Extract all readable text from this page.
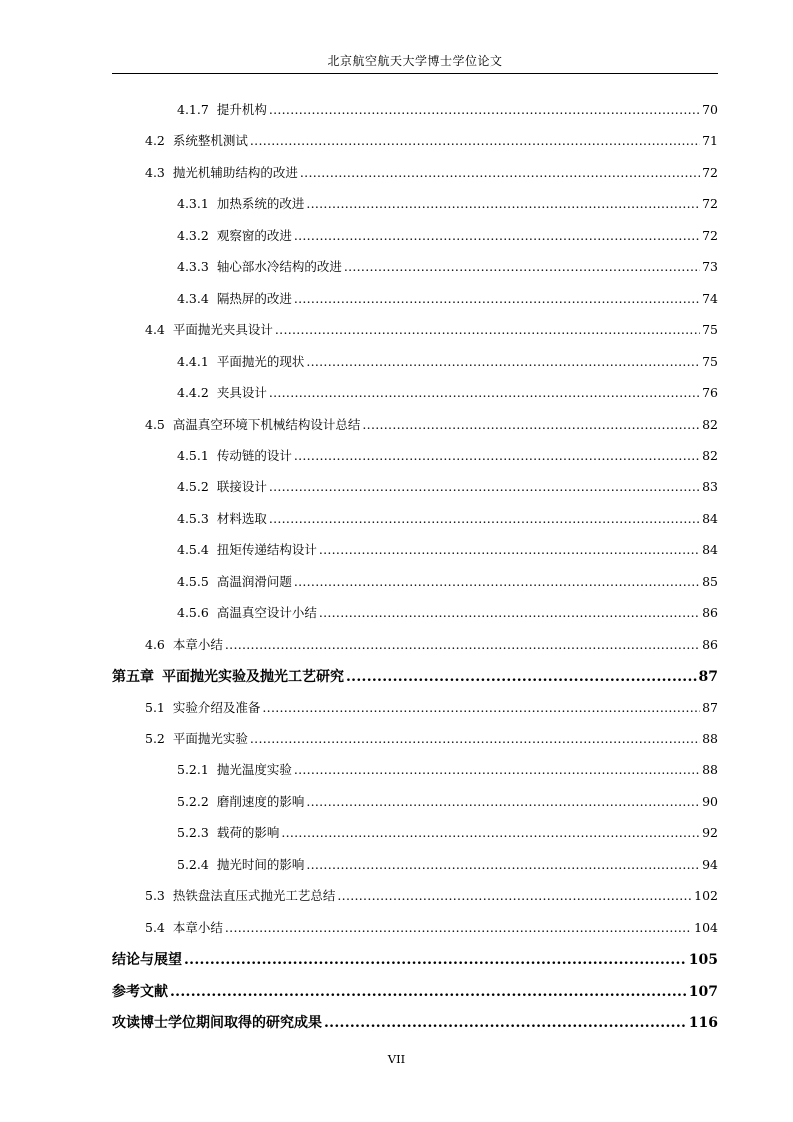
北京航空航天大学博士学位论文
4.1.7 提升机构 .....	70
4.2 系统整机测试 .....	71
4.3 抛光机辅助结构的改进 .....	72
4.3.1 加热系统的改进 .....	72
4.3.2 观察窗的改进 .....	72
4.3.3 轴心部水冷结构的改进 .....	73
4.3.4 隔热屏的改进 .....	74
4.4 平面抛光夹具设计 .....	75
4.4.1 平面抛光的现状 .....	75
4.4.2 夹具设计 .....	76
4.5 高温真空环境下机械结构设计总结 .....	82
4.5.1 传动链的设计 .....	82
4.5.2 联接设计 .....	83
4.5.3 材料选取 .....	84
4.5.4 扭矩传递结构设计 .....	84
4.5.5 高温润滑问题 .....	85
4.5.6 高温真空设计小结 .....	86
4.6 本章小结 .....	86
第五章 平面抛光实验及抛光工艺研究 .....	87
5.1 实验介绍及准备 .....	87
5.2 平面抛光实验 .....	88
5.2.1 抛光温度实验 .....	88
5.2.2 磨削速度的影响 .....	90
5.2.3 载荷的影响 .....	92
5.2.4 抛光时间的影响 .....	94
5.3 热铁盘法直压式抛光工艺总结 .....	102
5.4 本章小结 .....	104
结论与展望 .....	105
参考文献 .....	107
攻读博士学位期间取得的研究成果 .....	116
VII
